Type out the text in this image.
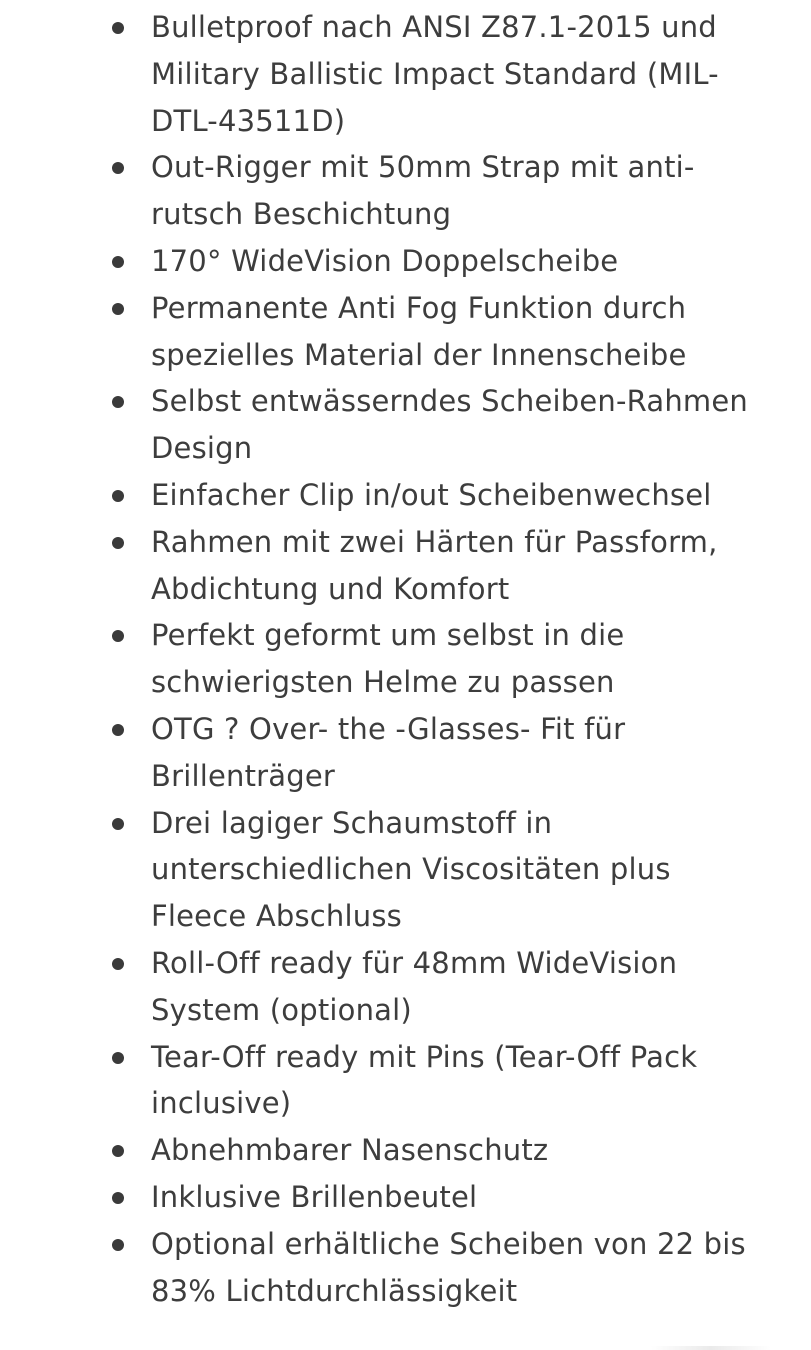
Bulletproof nach ANSI Z87.1-2015 und Military Ballistic Impact Standard (MIL-DTL-43511D)
Out-Rigger mit 50mm Strap mit anti-rutsch Beschichtung
170° WideVision Doppelscheibe
Permanente Anti Fog Funktion durch spezielles Material der Innenscheibe
Selbst entwässerndes Scheiben-Rahmen Design
Einfacher Clip in/out Scheibenwechsel
Rahmen mit zwei Härten für Passform, Abdichtung und Komfort
Perfekt geformt um selbst in die schwierigsten Helme zu passen
OTG ? Over- the -Glasses- Fit für Brillenträger
Drei lagiger Schaumstoff in unterschiedlichen Viscositäten plus Fleece Abschluss
Roll-Off ready für 48mm WideVision System (optional)
Tear-Off ready mit Pins (Tear-Off Pack inclusive)
Abnehmbarer Nasenschutz
Inklusive Brillenbeutel
Optional erhältliche Scheiben von 22 bis 83% Lichtdurchlässigkeit
